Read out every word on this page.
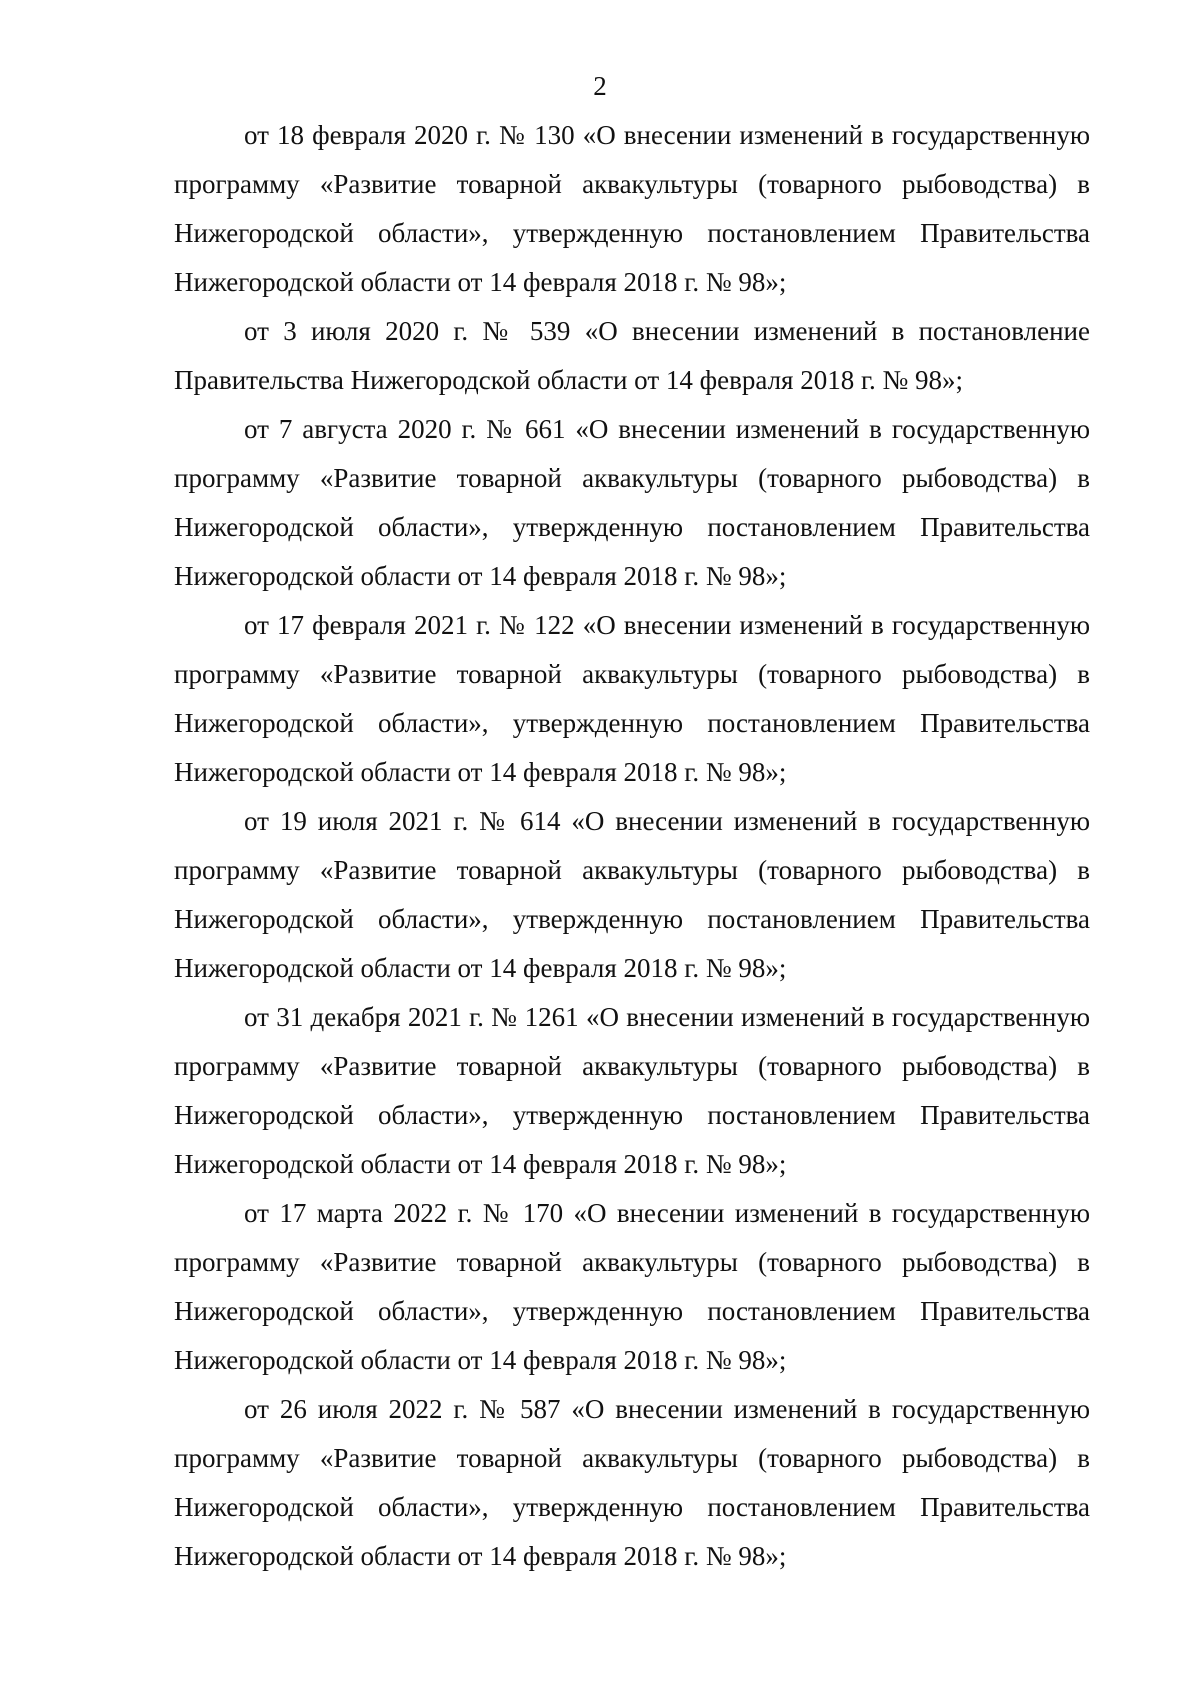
2

от 18 февраля 2020 г. № 130 «О внесении изменений в государственную программу «Развитие товарной аквакультуры (товарного рыбоводства) в Нижегородской области», утвержденную постановлением Правительства Нижегородской области от 14 февраля 2018 г. № 98»;

от 3 июля 2020 г. № 539 «О внесении изменений в постановление Правительства Нижегородской области от 14 февраля 2018 г. № 98»;

от 7 августа 2020 г. № 661 «О внесении изменений в государственную программу «Развитие товарной аквакультуры (товарного рыбоводства) в Нижегородской области», утвержденную постановлением Правительства Нижегородской области от 14 февраля 2018 г. № 98»;

от 17 февраля 2021 г. № 122 «О внесении изменений в государственную программу «Развитие товарной аквакультуры (товарного рыбоводства) в Нижегородской области», утвержденную постановлением Правительства Нижегородской области от 14 февраля 2018 г. № 98»;

от 19 июля 2021 г. № 614 «О внесении изменений в государственную программу «Развитие товарной аквакультуры (товарного рыбоводства) в Нижегородской области», утвержденную постановлением Правительства Нижегородской области от 14 февраля 2018 г. № 98»;

от 31 декабря 2021 г. № 1261 «О внесении изменений в государственную программу «Развитие товарной аквакультуры (товарного рыбоводства) в Нижегородской области», утвержденную постановлением Правительства Нижегородской области от 14 февраля 2018 г. № 98»;

от 17 марта 2022 г. № 170 «О внесении изменений в государственную программу «Развитие товарной аквакультуры (товарного рыбоводства) в Нижегородской области», утвержденную постановлением Правительства Нижегородской области от 14 февраля 2018 г. № 98»;

от 26 июля 2022 г. № 587 «О внесении изменений в государственную программу «Развитие товарной аквакультуры (товарного рыбоводства) в Нижегородской области», утвержденную постановлением Правительства Нижегородской области от 14 февраля 2018 г. № 98»;
